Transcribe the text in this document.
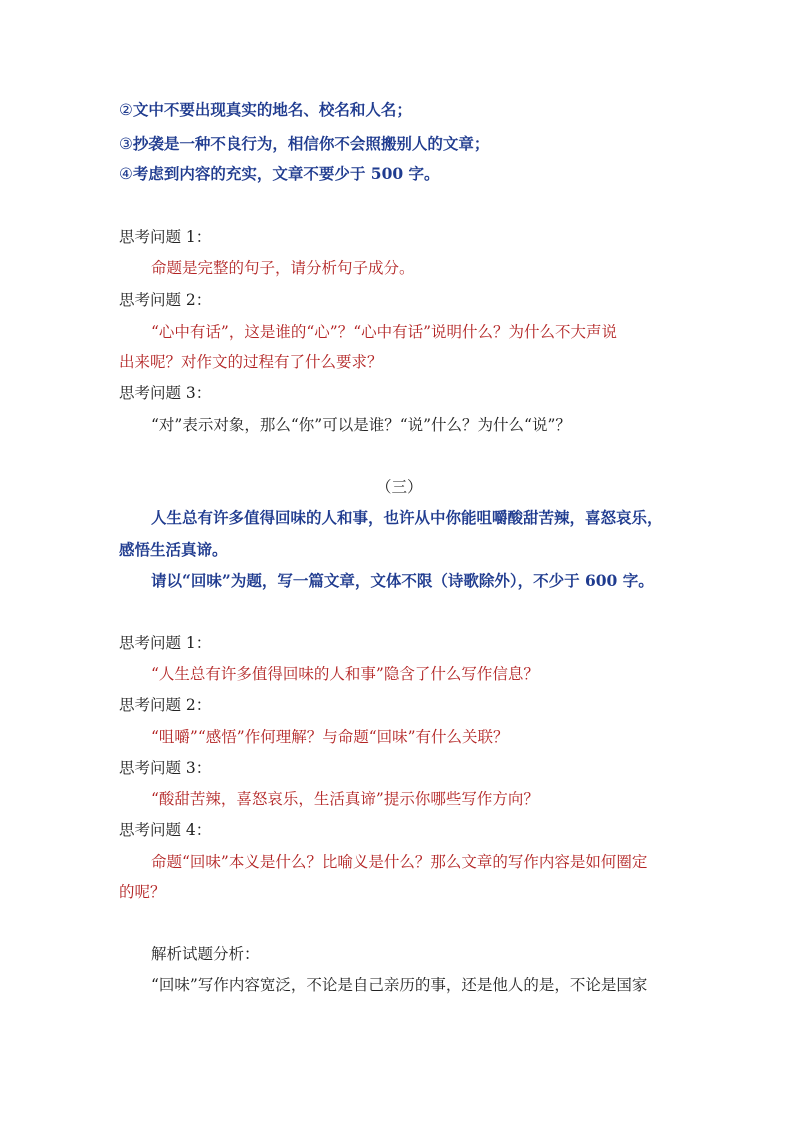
②文中不要出现真实的地名、校名和人名；
③抄袭是一种不良行为，相信你不会照搬别人的文章；
④考虑到内容的充实，文章不要少于 500 字。
思考问题 1：
命题是完整的句子，请分析句子成分。
思考问题 2：
“心中有话”，这是谁的“心”？“心中有话”说明什么？为什么不大声说
出来呢？对作文的过程有了什么要求？
思考问题 3：
“对”表示对象，那么“你”可以是谁？“说”什么？为什么“说”？
（三）
人生总有许多值得回味的人和事，也许从中你能咀嚼酸甜苦辣，喜怒哀乐，
感悟生活真谛。
请以“回味”为题，写一篇文章，文体不限（诗歌除外），不少于 600 字。
思考问题 1：
“人生总有许多值得回味的人和事”隐含了什么写作信息？
思考问题 2：
“咀嚼”“感悟”作何理解？与命题“回味”有什么关联？
思考问题 3：
“酸甜苦辣，喜怒哀乐，生活真谛”提示你哪些写作方向？
思考问题 4：
命题“回味”本义是什么？比喻义是什么？那么文章的写作内容是如何圈定
的呢？
解析试题分析：
“回味”写作内容宽泛，不论是自己亲历的事，还是他人的是，不论是国家
